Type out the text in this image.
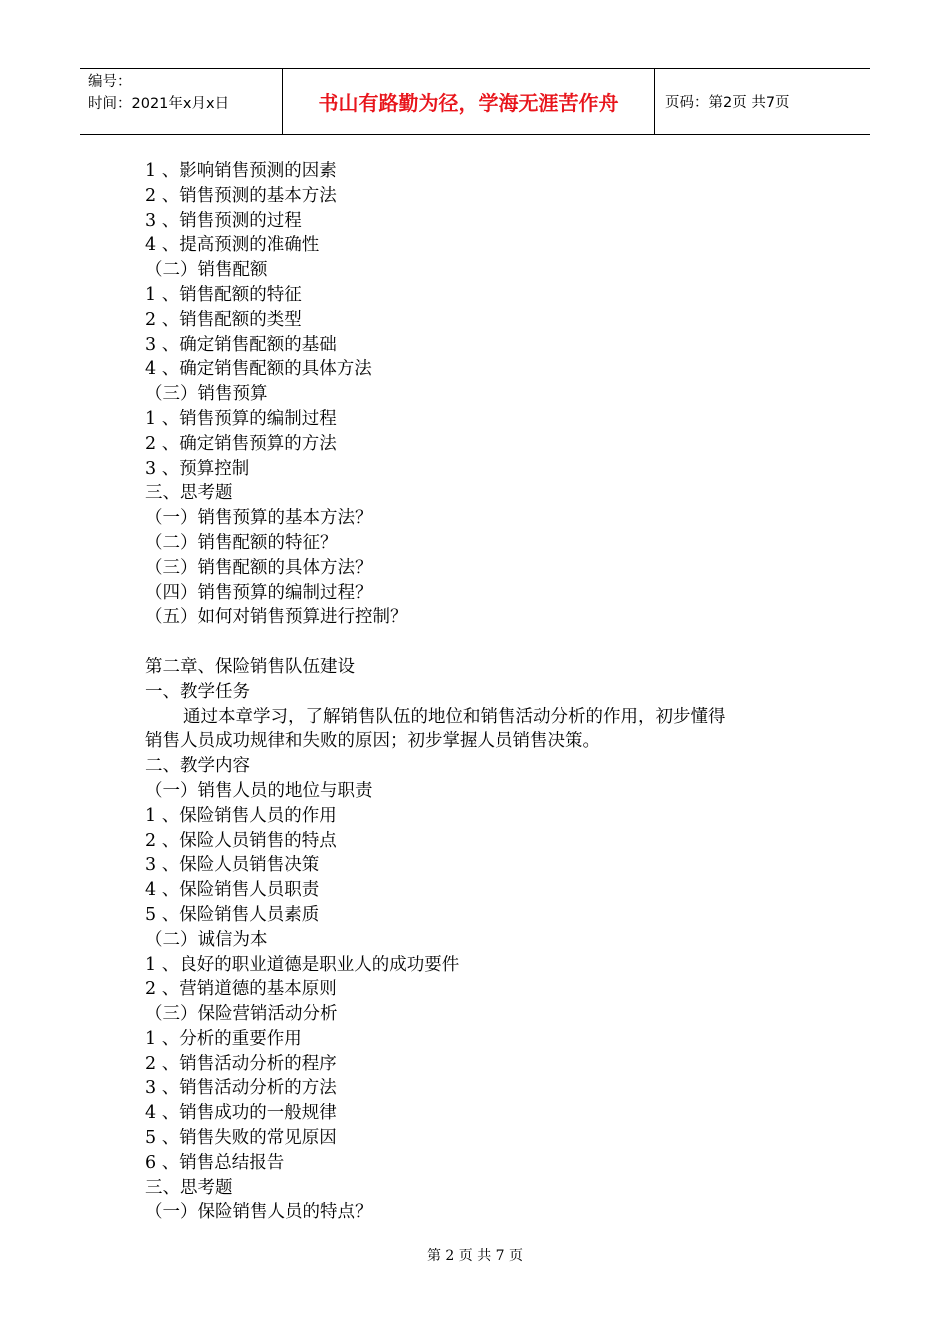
编号：
时间：2021年x月x日	书山有路勤为径，学海无涯苦作舟	页码：第2页 共7页
1 、影响销售预测的因素
2 、销售预测的基本方法
3 、销售预测的过程
4 、提高预测的准确性
（二）销售配额
1 、销售配额的特征
2 、销售配额的类型
3 、确定销售配额的基础
4 、确定销售配额的具体方法
（三）销售预算
1 、销售预算的编制过程
2 、确定销售预算的方法
3 、预算控制
三、思考题
（一）销售预算的基本方法？
（二）销售配额的特征？
（三）销售配额的具体方法？
（四）销售预算的编制过程？
（五）如何对销售预算进行控制？
第二章、保险销售队伍建设
一、教学任务
通过本章学习，了解销售队伍的地位和销售活动分析的作用，初步懂得
销售人员成功规律和失败的原因；初步掌握人员销售决策。
二、教学内容
（一）销售人员的地位与职责
1 、保险销售人员的作用
2 、保险人员销售的特点
3 、保险人员销售决策
4 、保险销售人员职责
5 、保险销售人员素质
（二）诚信为本
1 、良好的职业道德是职业人的成功要件
2 、营销道德的基本原则
（三）保险营销活动分析
1 、分析的重要作用
2 、销售活动分析的程序
3 、销售活动分析的方法
4 、销售成功的一般规律
5 、销售失败的常见原因
6 、销售总结报告
三、思考题
（一）保险销售人员的特点？
第 2 页 共 7 页
